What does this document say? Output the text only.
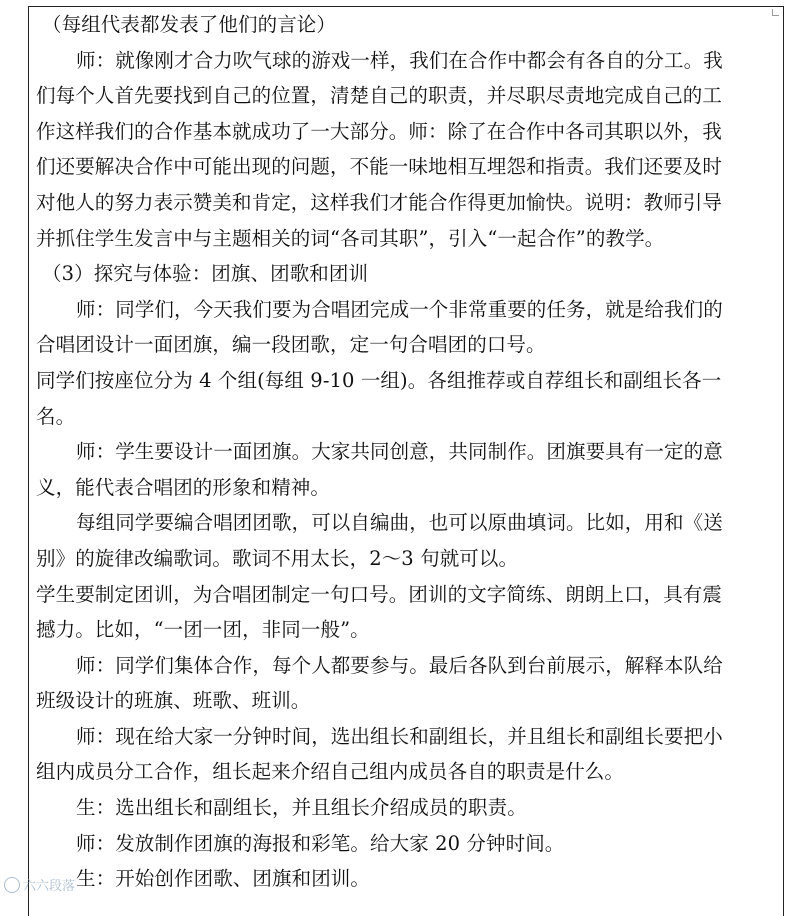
（每组代表都发表了他们的言论）
师：就像刚才合力吹气球的游戏一样，我们在合作中都会有各自的分工。我
们每个人首先要找到自己的位置，清楚自己的职责，并尽职尽责地完成自己的工
作这样我们的合作基本就成功了一大部分。师：除了在合作中各司其职以外，我
们还要解决合作中可能出现的问题，不能一味地相互埋怨和指责。我们还要及时
对他人的努力表示赞美和肯定，这样我们才能合作得更加愉快。说明：教师引导
并抓住学生发言中与主题相关的词“各司其职”，引入“一起合作”的教学。
（3）探究与体验：团旗、团歌和团训
师：同学们，今天我们要为合唱团完成一个非常重要的任务，就是给我们的
合唱团设计一面团旗，编一段团歌，定一句合唱团的口号。
同学们按座位分为 4 个组(每组 9-10 一组)。各组推荐或自荐组长和副组长各一
名。
师：学生要设计一面团旗。大家共同创意，共同制作。团旗要具有一定的意
义，能代表合唱团的形象和精神。
每组同学要编合唱团团歌，可以自编曲，也可以原曲填词。比如，用和《送
别》的旋律改编歌词。歌词不用太长，2～3 句就可以。
学生要制定团训，为合唱团制定一句口号。团训的文字简练、朗朗上口，具有震
撼力。比如，“一团一团，非同一般”。
师：同学们集体合作，每个人都要参与。最后各队到台前展示，解释本队给
班级设计的班旗、班歌、班训。
师：现在给大家一分钟时间，选出组长和副组长，并且组长和副组长要把小
组内成员分工合作，组长起来介绍自己组内成员各自的职责是什么。
生：选出组长和副组长，并且组长介绍成员的职责。
师：发放制作团旗的海报和彩笔。给大家 20 分钟时间。
生：开始创作团歌、团旗和团训。
六六段落
